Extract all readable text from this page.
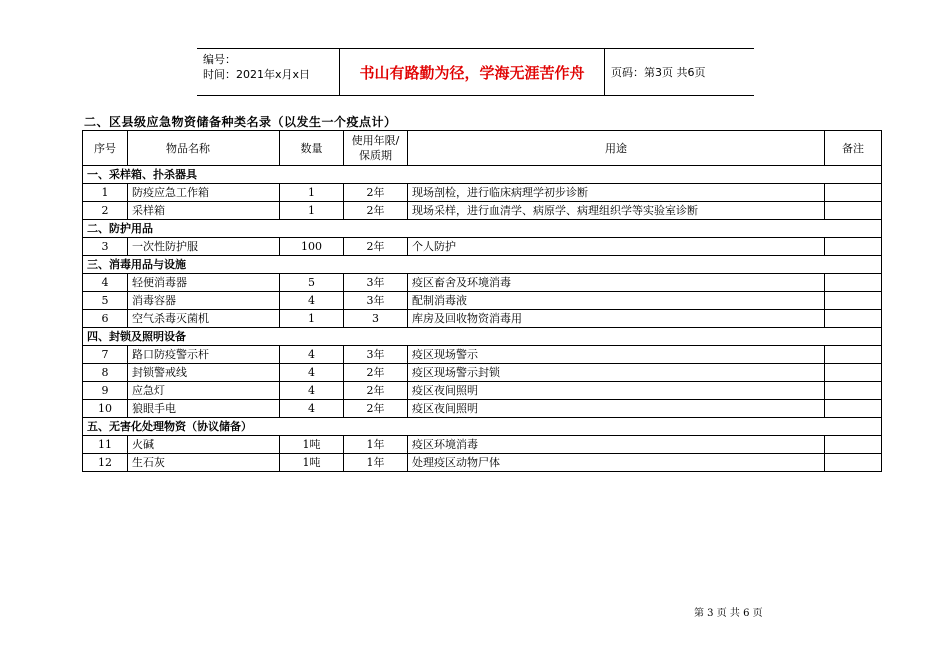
编号：
时间：2021年x月x日	书山有路勤为径，学海无涯苦作舟	页码：第3页 共6页
二、区县级应急物资储备种类名录（以发生一个疫点计）
序号	物品名称	数量	使用年限/保质期	用途	备注
一、采样箱、扑杀器具					
1	防疫应急工作箱	1	2年	现场剖检，进行临床病理学初步诊断	
2	采样箱	1	2年	现场采样，进行血清学、病原学、病理组织学等实验室诊断	
二、防护用品					
3	一次性防护服	100	2年	个人防护	
三、消毒用品与设施					
4	轻便消毒器	5	3年	疫区畜舍及环境消毒	
5	消毒容器	4	3年	配制消毒液	
6	空气杀毒灭菌机	1	3	库房及回收物资消毒用	
四、封锁及照明设备					
7	路口防疫警示杆	4	3年	疫区现场警示	
8	封锁警戒线	4	2年	疫区现场警示封锁	
9	应急灯	4	2年	疫区夜间照明	
10	狼眼手电	4	2年	疫区夜间照明	
五、无害化处理物资（协议储备）					
11	火碱	1吨	1年	疫区环境消毒	
12	生石灰	1吨	1年	处理疫区动物尸体	
第 3 页 共 6 页
